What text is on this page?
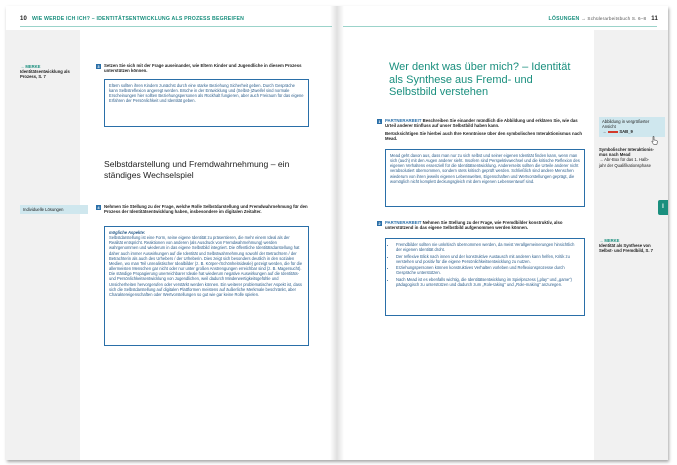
10 WIE WERDE ICH ICH? – IDENTITÄTSENTWICKLUNG ALS PROZESS BEGREIFEN
→ MERKE
Identitätsentwicklung als
Prozess, S. 7
Individuelle Lösungen
3	Setzen Sie sich mit der Frage auseinander, wie Eltern Kinder und Jugendliche in diesem Prozess unterstützen können.
Eltern sollten ihren Kindern zunächst durch eine starke Beziehung Sicherheit geben. Durch Gespräche kann Selbstreflexion angeregt werden. Brüche in der Entwicklung und (Selbst-)Zweifel sind normale Erscheinungen hier sollten Beziehungspersonen als Rückhalt fungieren, aber auch Freiraum für das eigene Erfahren der Persönlichkeit und Identität geben.
Selbstdarstellung und Fremdwahrnehmung – ein ständiges Wechselspiel
4	Nehmen Sie Stellung zu der Frage, welche Rolle Selbstdarstellung und Fremdwahrnehmung für den Prozess der Identitätsentwicklung haben, insbesondere im digitalen Zeitalter.
mögliche Aspekte:
Selbstdarstellung ist eine Form, seine eigene Identität zu präsentieren, die mehr einem Ideal als der Realität entspricht. Reaktionen von anderen (als Ausdruck von Fremdwahrnehmung) werden wahrgenommen und wiederum in das eigene Selbstbild integriert. Die öffentliche Identitätsdarstellung hat daher auch immer Auswirkungen auf die Identität und Selbstwahrnehmung sowohl der Betrachtern / der Betrachterin als auch des Urhebers / der Urheberin. Dies zeigt sich besonders deutlich in den sozialen Medien, wo man Teil unrealistischer Idealbilder (z. B. Körper-/Schönheitsideale) gezeigt werden, die für die allermeisten Menschen gar nicht oder nur unter großen Anstrengungen erreichbar sind (z. B. Magersucht). Die ständige Propagierung unerreichbarer Ideale hat wiederum negative Auswirkungen auf die Identitäts- und Persönlichkeitsentwicklung von Jugendlichen, weil dadurch Minderwertigkeitsgefühle und Unsicherheiten hervorgerufen oder verstärkt werden können. Ein weiterer problematischer Aspekt ist, dass sich die Selbstdarstellung auf digitalen Plattformen meistens auf äußerliche Merkmale beschränkt, aber Charaktereigenschaften oder Wertvorstellungen so gut wie gar keine Rolle spielen.
LÖSUNGEN → Schülerarbeitsbuch S. 6–8 11
Wer denkt was über mich? – Identität als Synthese aus Fremd- und Selbstbild verstehen
1	PARTNERARBEIT Beschreiben Sie einander mündlich die Abbildung und erklären Sie, wie das Urteil anderer Einfluss auf unser Selbstbild haben kann.
Berücksichtigen Sie hierbei auch Ihre Kenntnisse über den symbolischen Interaktionismus nach Mead.
Mead geht davon aus, dass man nur zu sich selbst und seiner eigenen Identität finden kann, wenn man sich (auch) mit den Augen anderer sieht. Insofern sind Perspektivwechsel und die kritische Reflexion des eigenen Verhaltens essenziell für die Identitätsentwicklung. Andererseits sollten die Urteile anderer nicht verabsolutiert übernommen, sondern stets kritisch geprüft werden. Schließlich sind andere Menschen wiederum von ihren jeweils eigenen Lebenswelten, Eigenschaften und Wertvorstellungen geprägt, die womöglich nicht komplett deckungsgleich mit dem eigenen Lebensentwurf sind.
2	PARTNERARBEIT Nehmen Sie Stellung zu der Frage, wie Fremdbilder konstruktiv, also unterstützend in das eigene Selbstbild aufgenommen werden können.
• Fremdbilder sollten nie unkritisch übernommen werden, da meist Verallgemeinerungen hinsichtlich der eigenen Identität droht.
• Der reflexive Blick nach innen und der konstruktive Austausch mit anderen kann helfen, Kritik zu verstehen und positiv für die eigene Persönlichkeitsentwicklung zu nutzen.
• Erziehungspersonen können konstruktives Verhalten vorleben und Reflexionsprozesse durch Gespräche unterstützen.
• Nach Mead ist es ebenfalls wichtig, die Identitätsentwicklung im Spielprozess („play“ und „game“) pädagogisch zu unterstützen und dadurch zum „Role-taking“ und „Role-making“ anzuregen.
Abbildung in vergrößerter
Ansicht
→	SAB_9
Symbolischer Interaktionis-
mus nach Mead
→ Abr-Box für das 1. Halb-
jahr der Qualifikationsphase
→ MERKE
Identität als Synthese von
Selbst- und Fremdbild, S. 7
I
